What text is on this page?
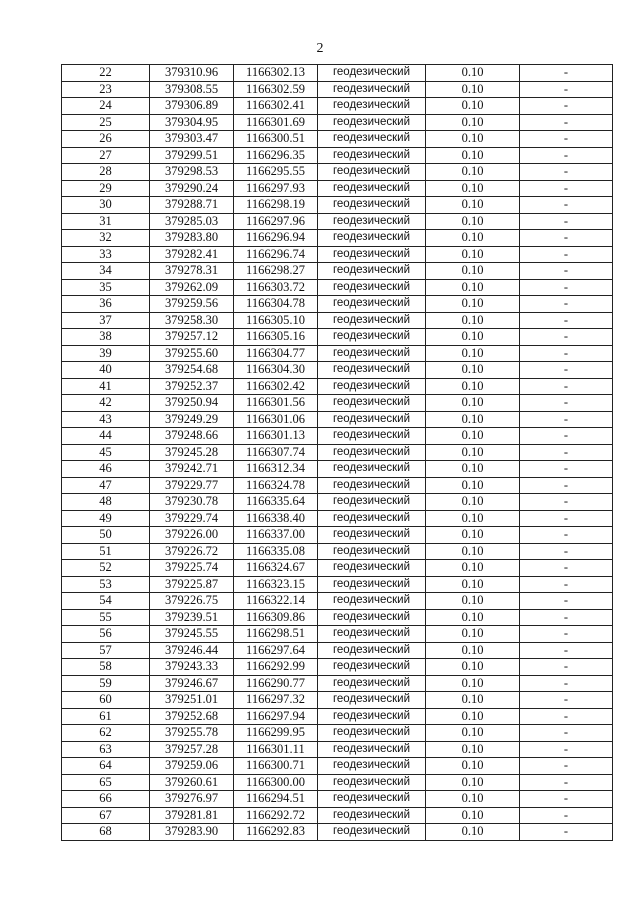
2
22	379310.96	1166302.13	геодезический	0.10	-
23	379308.55	1166302.59	геодезический	0.10	-
24	379306.89	1166302.41	геодезический	0.10	-
25	379304.95	1166301.69	геодезический	0.10	-
26	379303.47	1166300.51	геодезический	0.10	-
27	379299.51	1166296.35	геодезический	0.10	-
28	379298.53	1166295.55	геодезический	0.10	-
29	379290.24	1166297.93	геодезический	0.10	-
30	379288.71	1166298.19	геодезический	0.10	-
31	379285.03	1166297.96	геодезический	0.10	-
32	379283.80	1166296.94	геодезический	0.10	-
33	379282.41	1166296.74	геодезический	0.10	-
34	379278.31	1166298.27	геодезический	0.10	-
35	379262.09	1166303.72	геодезический	0.10	-
36	379259.56	1166304.78	геодезический	0.10	-
37	379258.30	1166305.10	геодезический	0.10	-
38	379257.12	1166305.16	геодезический	0.10	-
39	379255.60	1166304.77	геодезический	0.10	-
40	379254.68	1166304.30	геодезический	0.10	-
41	379252.37	1166302.42	геодезический	0.10	-
42	379250.94	1166301.56	геодезический	0.10	-
43	379249.29	1166301.06	геодезический	0.10	-
44	379248.66	1166301.13	геодезический	0.10	-
45	379245.28	1166307.74	геодезический	0.10	-
46	379242.71	1166312.34	геодезический	0.10	-
47	379229.77	1166324.78	геодезический	0.10	-
48	379230.78	1166335.64	геодезический	0.10	-
49	379229.74	1166338.40	геодезический	0.10	-
50	379226.00	1166337.00	геодезический	0.10	-
51	379226.72	1166335.08	геодезический	0.10	-
52	379225.74	1166324.67	геодезический	0.10	-
53	379225.87	1166323.15	геодезический	0.10	-
54	379226.75	1166322.14	геодезический	0.10	-
55	379239.51	1166309.86	геодезический	0.10	-
56	379245.55	1166298.51	геодезический	0.10	-
57	379246.44	1166297.64	геодезический	0.10	-
58	379243.33	1166292.99	геодезический	0.10	-
59	379246.67	1166290.77	геодезический	0.10	-
60	379251.01	1166297.32	геодезический	0.10	-
61	379252.68	1166297.94	геодезический	0.10	-
62	379255.78	1166299.95	геодезический	0.10	-
63	379257.28	1166301.11	геодезический	0.10	-
64	379259.06	1166300.71	геодезический	0.10	-
65	379260.61	1166300.00	геодезический	0.10	-
66	379276.97	1166294.51	геодезический	0.10	-
67	379281.81	1166292.72	геодезический	0.10	-
68	379283.90	1166292.83	геодезический	0.10	-
